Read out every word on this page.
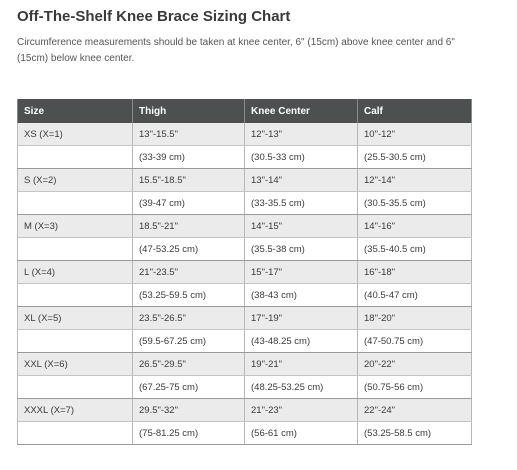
Off-The-Shelf Knee Brace Sizing Chart
Circumference measurements should be taken at knee center, 6" (15cm) above knee center and 6" (15cm) below knee center.
Size	Thigh	Knee Center	Calf
XS (X=1)	13"-15.5"	12"-13"	10"-12"
	(33-39 cm)	(30.5-33 cm)	(25.5-30.5 cm)
S (X=2)	15.5"-18.5"	13"-14"	12"-14"
	(39-47 cm)	(33-35.5 cm)	(30.5-35.5 cm)
M (X=3)	18.5"-21"	14"-15"	14"-16"
	(47-53.25 cm)	(35.5-38 cm)	(35.5-40.5 cm)
L (X=4)	21"-23.5"	15"-17"	16"-18"
	(53.25-59.5 cm)	(38-43 cm)	(40.5-47 cm)
XL (X=5)	23.5"-26.5"	17"-19"	18"-20"
	(59.5-67.25 cm)	(43-48.25 cm)	(47-50.75 cm)
XXL (X=6)	26.5"-29.5"	19"-21"	20"-22"
	(67.25-75 cm)	(48.25-53.25 cm)	(50.75-56 cm)
XXXL (X=7)	29.5"-32"	21"-23"	22"-24"
	(75-81.25 cm)	(56-61 cm)	(53.25-58.5 cm)
